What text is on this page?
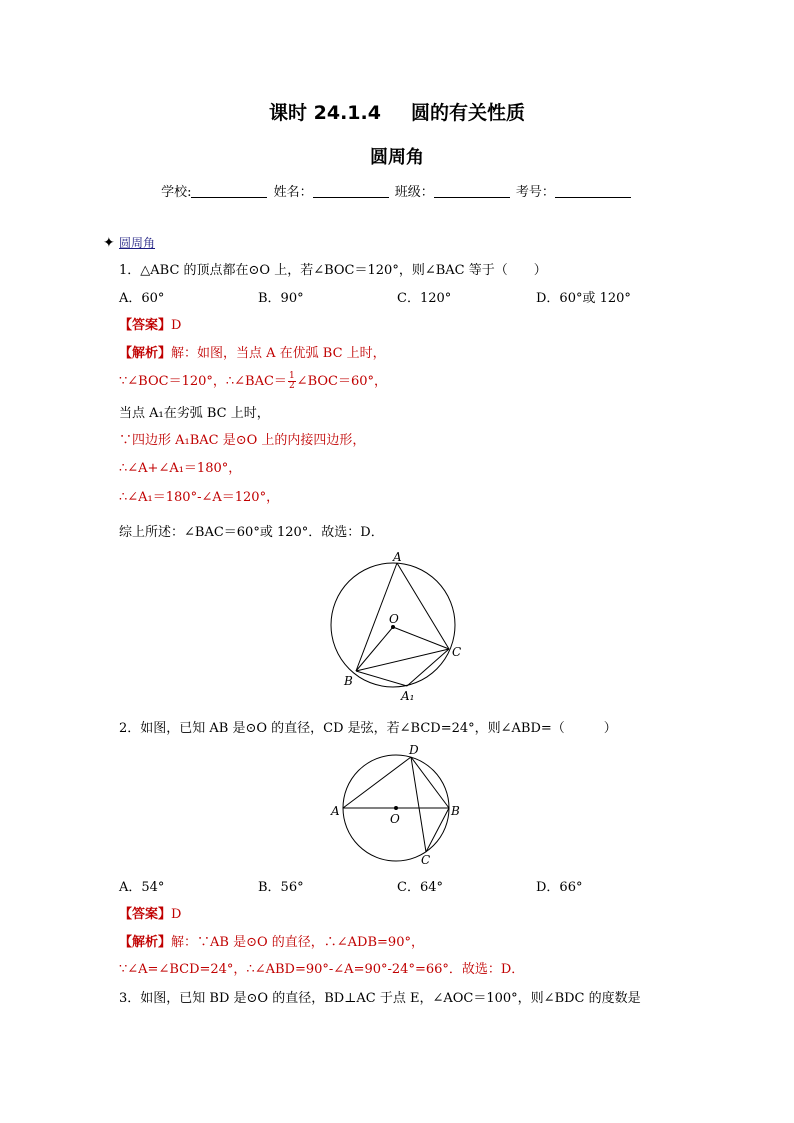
课时 24.1.4 圆的有关性质
圆周角
学校:	姓名：	班级：	考号：
✦ 圆周角
1．△ABC 的顶点都在⊙O 上，若∠BOC＝120°，则∠BAC 等于（　　）
A．60°	B．90°	C．120°	D．60°或 120°
【答案】D
【解析】解：如图，当点 A 在优弧 BC 上时，
∵∠BOC＝120°，∴∠BAC＝ $\frac{1}{2}$ ∠BOC＝60°，
当点 A₁在劣弧 BC 上时，
∵四边形 A₁BAC 是⊙O 上的内接四边形，
∴∠A+∠A₁＝180°，
∴∠A₁＝180°-∠A＝120°，
综上所述：∠BAC＝60°或 120°．故选：D．
A
O
C
B
A₁
2．如图，已知 AB 是⊙O 的直径，CD 是弦，若∠BCD=24°，则∠ABD=（　　　）
D
A
O
B
C
A．54°	B．56°	C．64°	D．66°
【答案】D
【解析】解：∵AB 是⊙O 的直径，∴∠ADB=90°，
∵∠A=∠BCD=24°，∴∠ABD=90°-∠A=90°-24°=66°．故选：D．
3．如图，已知 BD 是⊙O 的直径，BD⊥AC 于点 E，∠AOC＝100°，则∠BDC 的度数是
